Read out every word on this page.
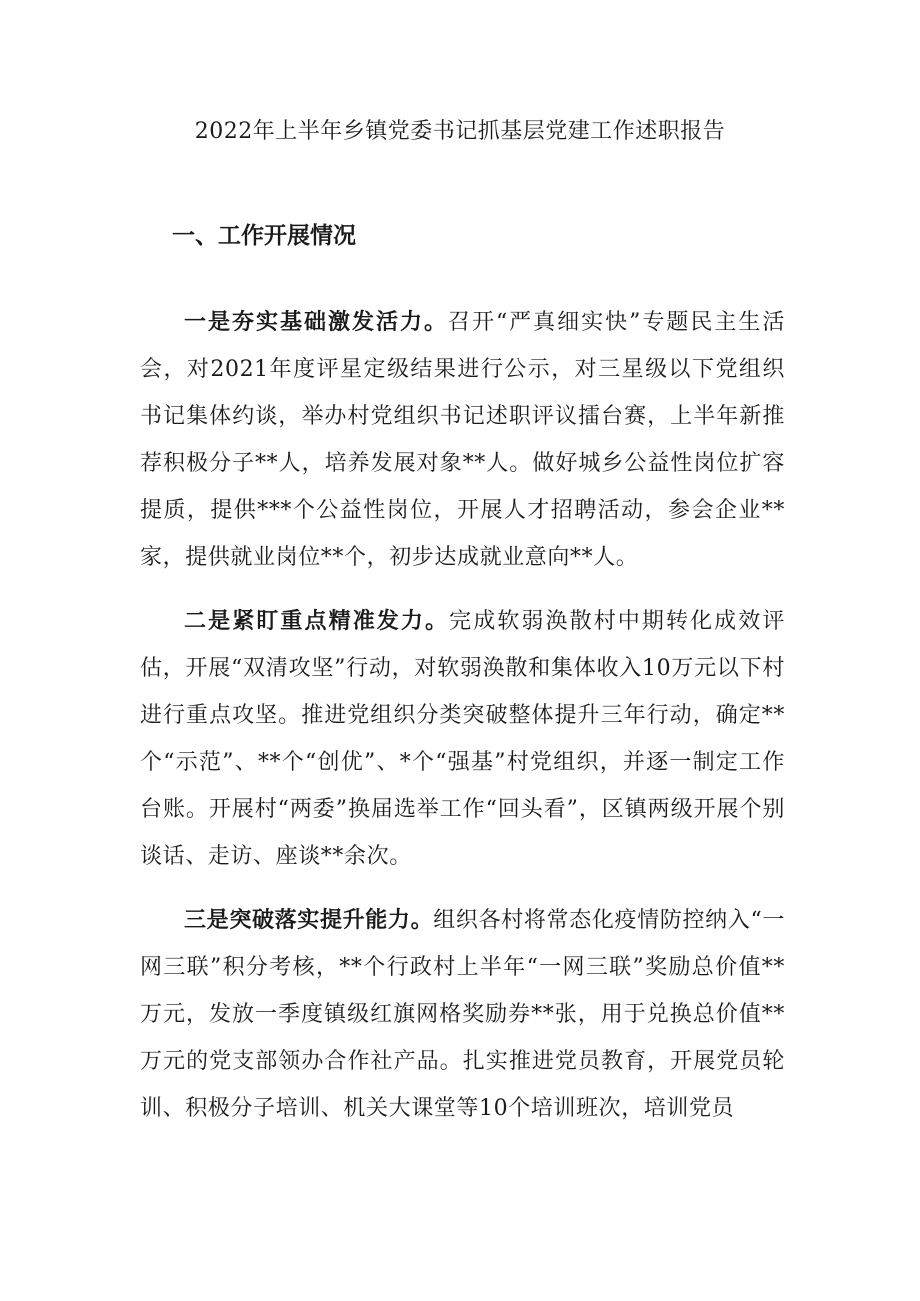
2022年上半年乡镇党委书记抓基层党建工作述职报告
一、工作开展情况

一是夯实基础激发活力。召开“严真细实快”专题民主生活会，对2021年度评星定级结果进行公示，对三星级以下党组织书记集体约谈，举办村党组织书记述职评议擂台赛，上半年新推荐积极分子**人，培养发展对象**人。做好城乡公益性岗位扩容提质，提供***个公益性岗位，开展人才招聘活动，参会企业**家，提供就业岗位**个，初步达成就业意向**人。

二是紧盯重点精准发力。完成软弱涣散村中期转化成效评估，开展“双清攻坚”行动，对软弱涣散和集体收入10万元以下村进行重点攻坚。推进党组织分类突破整体提升三年行动，确定**个“示范”、**个“创优”、*个“强基”村党组织，并逐一制定工作台账。开展村“两委”换届选举工作“回头看”，区镇两级开展个别谈话、走访、座谈**余次。

三是突破落实提升能力。组织各村将常态化疫情防控纳入“一网三联”积分考核，**个行政村上半年“一网三联”奖励总价值**万元，发放一季度镇级红旗网格奖励券**张，用于兑换总价值**万元的党支部领办合作社产品。扎实推进党员教育，开展党员轮训、积极分子培训、机关大课堂等10个培训班次，培训党员
